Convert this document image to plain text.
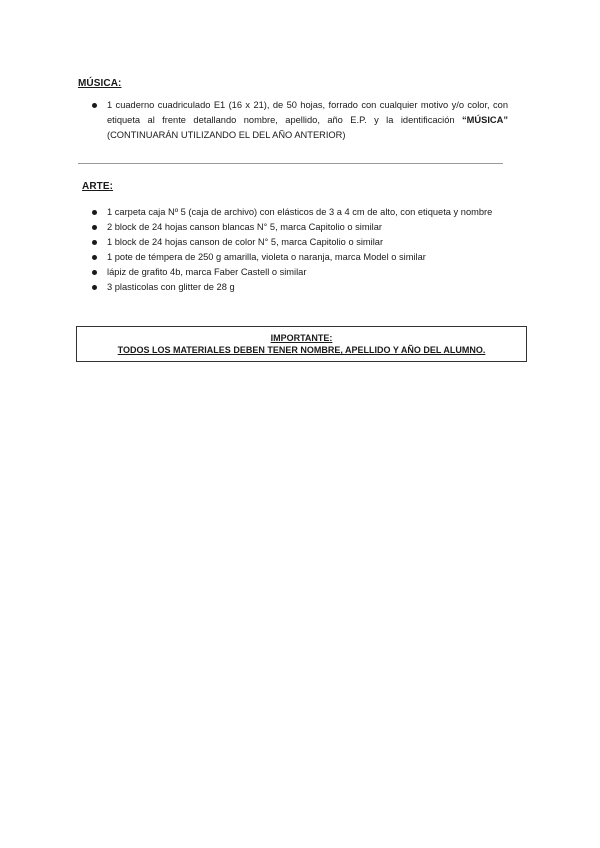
MÚSICA:
1 cuaderno cuadriculado E1 (16 x 21), de 50 hojas, forrado con cualquier motivo y/o color, con etiqueta al frente detallando nombre, apellido, año E.P. y la identificación “MÚSICA” (CONTINUARÁN UTILIZANDO EL DEL AÑO ANTERIOR)
ARTE:
1 carpeta caja Nº 5 (caja de archivo) con elásticos de 3 a 4 cm de alto, con etiqueta y nombre
2 block de 24 hojas canson blancas N° 5, marca Capitolio o similar
1 block de 24 hojas canson de color N° 5, marca Capitolio o similar
1 pote de témpera de 250 g amarilla, violeta o naranja, marca Model o similar
lápiz de grafito 4b, marca Faber Castell o similar
3 plasticolas con glitter de 28 g
IMPORTANTE:
TODOS LOS MATERIALES DEBEN TENER NOMBRE, APELLIDO Y AÑO DEL ALUMNO.
